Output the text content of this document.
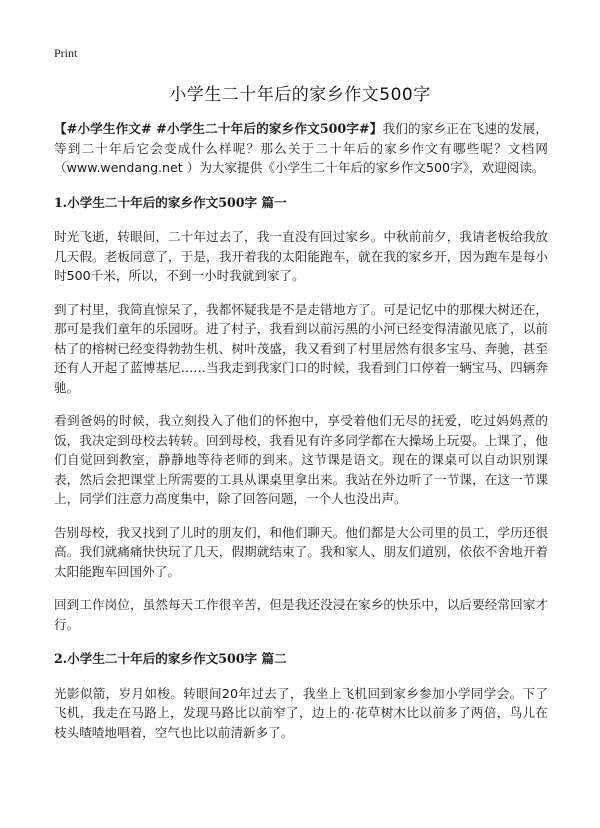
Print
小学生二十年后的家乡作文500字

【#小学生作文# #小学生二十年后的家乡作文500字#】我们的家乡正在飞速的发展，等到二十年后它会变成什么样呢？那么关于二十年后的家乡作文有哪些呢？文档网（www.wendang.net ）为大家提供《小学生二十年后的家乡作文500字》，欢迎阅读。

1.小学生二十年后的家乡作文500字 篇一

时光飞逝，转眼间，二十年过去了，我一直没有回过家乡。中秋前前夕，我请老板给我放几天假。老板同意了，于是，我开着我的太阳能跑车，就在我的家乡开，因为跑车是每小时500千米，所以，不到一小时我就到家了。

到了村里，我简直惊呆了，我都怀疑我是不是走错地方了。可是记忆中的那棵大树还在，那可是我们童年的乐园呀。进了村子，我看到以前污黑的小河已经变得清澈见底了，以前枯了的榕树已经变得勃勃生机、树叶茂盛，我又看到了村里居然有很多宝马、奔驰，甚至还有人开起了蓝博基尼……当我走到我家门口的时候，我看到门口停着一辆宝马、四辆奔驰。

看到爸妈的时候，我立刻投入了他们的怀抱中，享受着他们无尽的抚爱，吃过妈妈煮的饭，我决定到母校去转转。回到母校，我看见有许多同学都在大操场上玩耍。上课了，他们自觉回到教室，静静地等待老师的到来。这节课是语文。现在的课桌可以自动识别课表，然后会把课堂上所需要的工具从课桌里拿出来。我站在外边听了一节课，在这一节课上，同学们注意力高度集中，除了回答问题，一个人也没出声。

告别母校，我又找到了儿时的朋友们，和他们聊天。他们都是大公司里的员工，学历还很高。我们就痛痛快快玩了几天，假期就结束了。我和家人、朋友们道别，依依不舍地开着太阳能跑车回国外了。

回到工作岗位，虽然每天工作很辛苦，但是我还没浸在家乡的快乐中，以后要经常回家才行。

2.小学生二十年后的家乡作文500字 篇二

光影似箭，岁月如梭。转眼间20年过去了，我坐上飞机回到家乡参加小学同学会。下了飞机，我走在马路上，发现马路比以前窄了，边上的·花草树木比以前多了两倍，鸟儿在枝头喳喳地唱着，空气也比以前清新多了。
